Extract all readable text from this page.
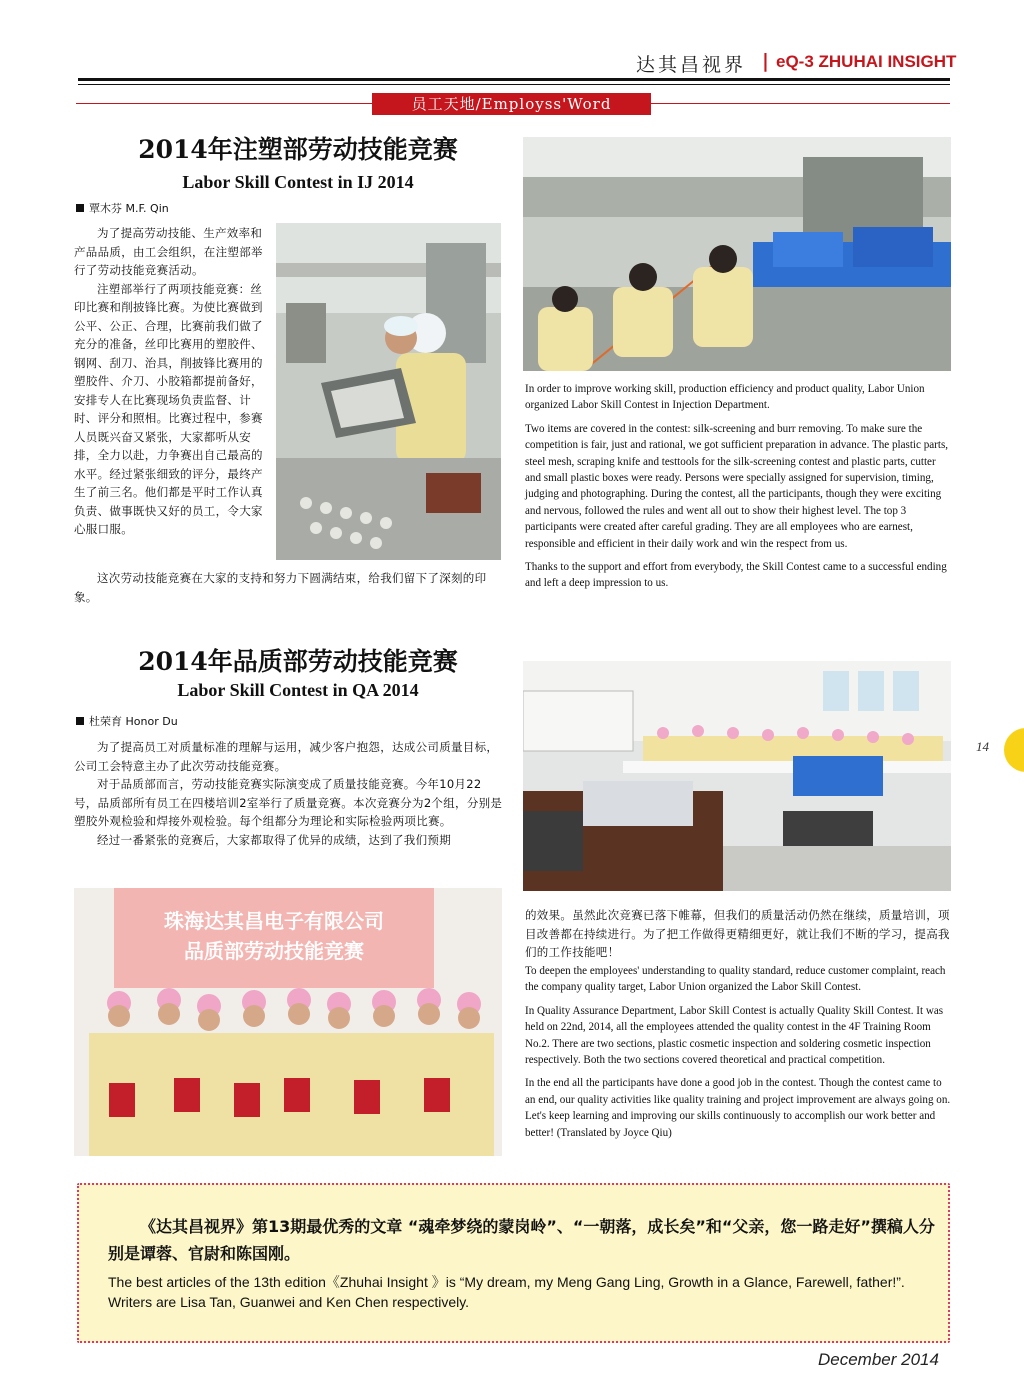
达其昌视界 | eQ-3 ZHUHAI INSIGHT
员工天地/Employss'Word
2014年注塑部劳动技能竞赛
Labor Skill Contest in IJ 2014
覃木芬 M.F. Qin

为了提高劳动技能、生产效率和产品品质，由工会组织，在注塑部举行了劳动技能竞赛活动。

注塑部举行了两项技能竞赛：丝印比赛和削披锋比赛。为使比赛做到公平、公正、合理，比赛前我们做了充分的准备，丝印比赛用的塑胶件、钢网、刮刀、治具，削披锋比赛用的塑胶件、介刀、小胶箱都提前备好，安排专人在比赛现场负责监督、计时、评分和照相。比赛过程中，参赛人员既兴奋又紧张，大家都听从安排，全力以赴，力争赛出自己最高的水平。经过紧张细致的评分，最终产生了前三名。他们都是平时工作认真负责、做事既快又好的员工，令大家心服口服。

这次劳动技能竞赛在大家的支持和努力下圆满结束，给我们留下了深刻的印象。

In order to improve working skill, production efficiency and product quality, Labor Union organized Labor Skill Contest in Injection Department.

Two items are covered in the contest: silk-screening and burr removing. To make sure the competition is fair, just and rational, we got sufficient preparation in advance. The plastic parts, steel mesh, scraping knife and testtools for the silk-screening contest and plastic parts, cutter and small plastic boxes were ready. Persons were specially assigned for supervision, timing, judging and photographing. During the contest, all the participants, though they were exciting and nervous, followed the rules and went all out to show their highest level. The top 3 participants were created after careful grading. They are all employees who are earnest, responsible and efficient in their daily work and win the respect from us.

Thanks to the support and effort from everybody, the Skill Contest came to a successful ending and left a deep impression to us.

2014年品质部劳动技能竞赛
Labor Skill Contest in QA 2014
杜荣育 Honor Du

为了提高员工对质量标准的理解与运用，减少客户抱怨，达成公司质量目标，公司工会特意主办了此次劳动技能竞赛。

对于品质部而言，劳动技能竞赛实际演变成了质量技能竞赛。今年10月22号，品质部所有员工在四楼培训2室举行了质量竞赛。本次竞赛分为2个组，分别是塑胶外观检验和焊接外观检验。每个组都分为理论和实际检验两项比赛。

经过一番紧张的竞赛后，大家都取得了优异的成绩，达到了我们预期

的效果。虽然此次竞赛已落下帷幕，但我们的质量活动仍然在继续，质量培训，项目改善都在持续进行。为了把工作做得更精细更好，就让我们不断的学习，提高我们的工作技能吧！

珠海达其昌电子有限公司
品质部劳动技能竞赛

To deepen the employees' understanding to quality standard, reduce customer complaint, reach the company quality target, Labor Union organized the Labor Skill Contest.

In Quality Assurance Department, Labor Skill Contest is actually Quality Skill Contest. It was held on 22nd, 2014, all the employees attended the quality contest in the 4F Training Room No.2. There are two sections, plastic cosmetic inspection and soldering cosmetic inspection respectively. Both the two sections covered theoretical and practical competition.

In the end all the participants have done a good job in the contest. Though the contest came to an end, our quality activities like quality training and project improvement are always going on. Let's keep learning and improving our skills continuously to accomplish our work better and better! (Translated by Joyce Qiu)

14
《达其昌视界》第13期最优秀的文章 “魂牵梦绕的蒙岗岭”、“一朝落，成长矣”和“父亲，您一路走好”撰稿人分别是谭蓉、官尉和陈国刚。
The best articles of the 13th edition《Zhuhai Insight 》is “My dream, my Meng Gang Ling, Growth in a Glance, Farewell, father!”. Writers are Lisa Tan, Guanwei and Ken Chen respectively.
December 2014
